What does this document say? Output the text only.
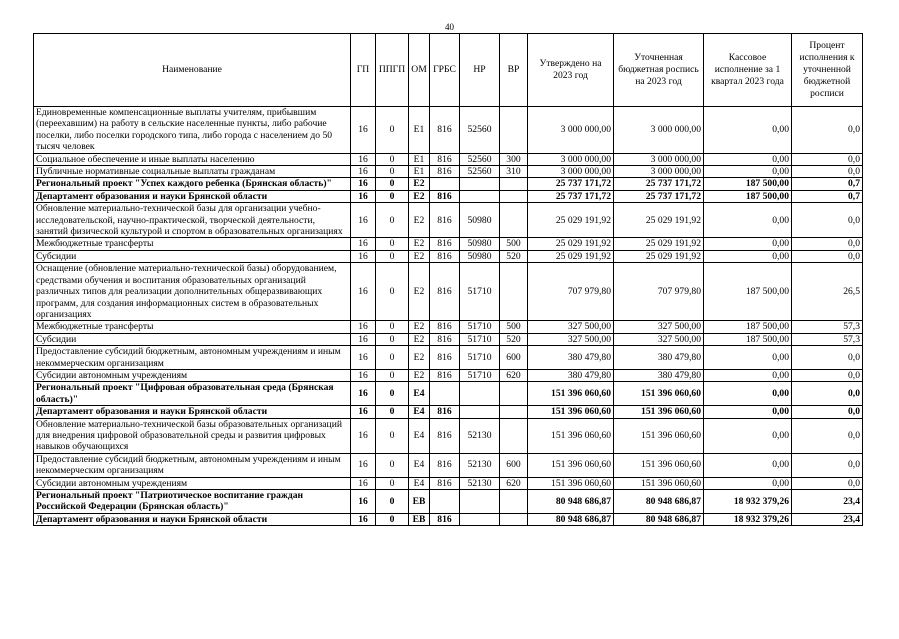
40
Наименование	ГП	ППГП	ОМ	ГРБС	НР	ВР	Утверждено на 2023 год	Уточненная бюджетная роспись на 2023 год	Кассовое исполнение за 1 квартал 2023 года	Процент исполнения к уточненной бюджетной росписи
Единовременные компенсационные выплаты учителям, прибывшим (переехавшим) на работу в сельские населенные пункты, либо рабочие поселки, либо поселки городского типа, либо города с населением до 50 тысяч человек	16	0	Е1	816	52560		3 000 000,00	3 000 000,00	0,00	0,0
Социальное обеспечение и иные выплаты населению	16	0	Е1	816	52560	300	3 000 000,00	3 000 000,00	0,00	0,0
Публичные нормативные социальные выплаты гражданам	16	0	Е1	816	52560	310	3 000 000,00	3 000 000,00	0,00	0,0
Региональный проект "Успех каждого ребенка (Брянская область)"	16	0	Е2				25 737 171,72	25 737 171,72	187 500,00	0,7
Департамент образования и науки Брянской области	16	0	Е2	816			25 737 171,72	25 737 171,72	187 500,00	0,7
Обновление материально-технической базы для организации учебно-исследовательской, научно-практической, творческой деятельности, занятий физической культурой и спортом в образовательных организациях	16	0	Е2	816	50980		25 029 191,92	25 029 191,92	0,00	0,0
Межбюджетные трансферты	16	0	Е2	816	50980	500	25 029 191,92	25 029 191,92	0,00	0,0
Субсидии	16	0	Е2	816	50980	520	25 029 191,92	25 029 191,92	0,00	0,0
Оснащение (обновление материально-технической базы) оборудованием, средствами обучения и воспитания образовательных организаций различных типов для реализации дополнительных общеразвивающих программ, для создания информационных систем в образовательных организациях	16	0	Е2	816	51710		707 979,80	707 979,80	187 500,00	26,5
Межбюджетные трансферты	16	0	Е2	816	51710	500	327 500,00	327 500,00	187 500,00	57,3
Субсидии	16	0	Е2	816	51710	520	327 500,00	327 500,00	187 500,00	57,3
Предоставление субсидий бюджетным, автономным учреждениям и иным некоммерческим организациям	16	0	Е2	816	51710	600	380 479,80	380 479,80	0,00	0,0
Субсидии автономным учреждениям	16	0	Е2	816	51710	620	380 479,80	380 479,80	0,00	0,0
Региональный проект "Цифровая образовательная среда (Брянская область)"	16	0	Е4				151 396 060,60	151 396 060,60	0,00	0,0
Департамент образования и науки Брянской области	16	0	Е4	816			151 396 060,60	151 396 060,60	0,00	0,0
Обновление материально-технической базы образовательных организаций для внедрения цифровой образовательной среды и развития цифровых навыков обучающихся	16	0	Е4	816	52130		151 396 060,60	151 396 060,60	0,00	0,0
Предоставление субсидий бюджетным, автономным учреждениям и иным некоммерческим организациям	16	0	Е4	816	52130	600	151 396 060,60	151 396 060,60	0,00	0,0
Субсидии автономным учреждениям	16	0	Е4	816	52130	620	151 396 060,60	151 396 060,60	0,00	0,0
Региональный проект "Патриотическое воспитание граждан Российской Федерации (Брянская область)"	16	0	ЕВ				80 948 686,87	80 948 686,87	18 932 379,26	23,4
Департамент образования и науки Брянской области	16	0	ЕВ	816			80 948 686,87	80 948 686,87	18 932 379,26	23,4
